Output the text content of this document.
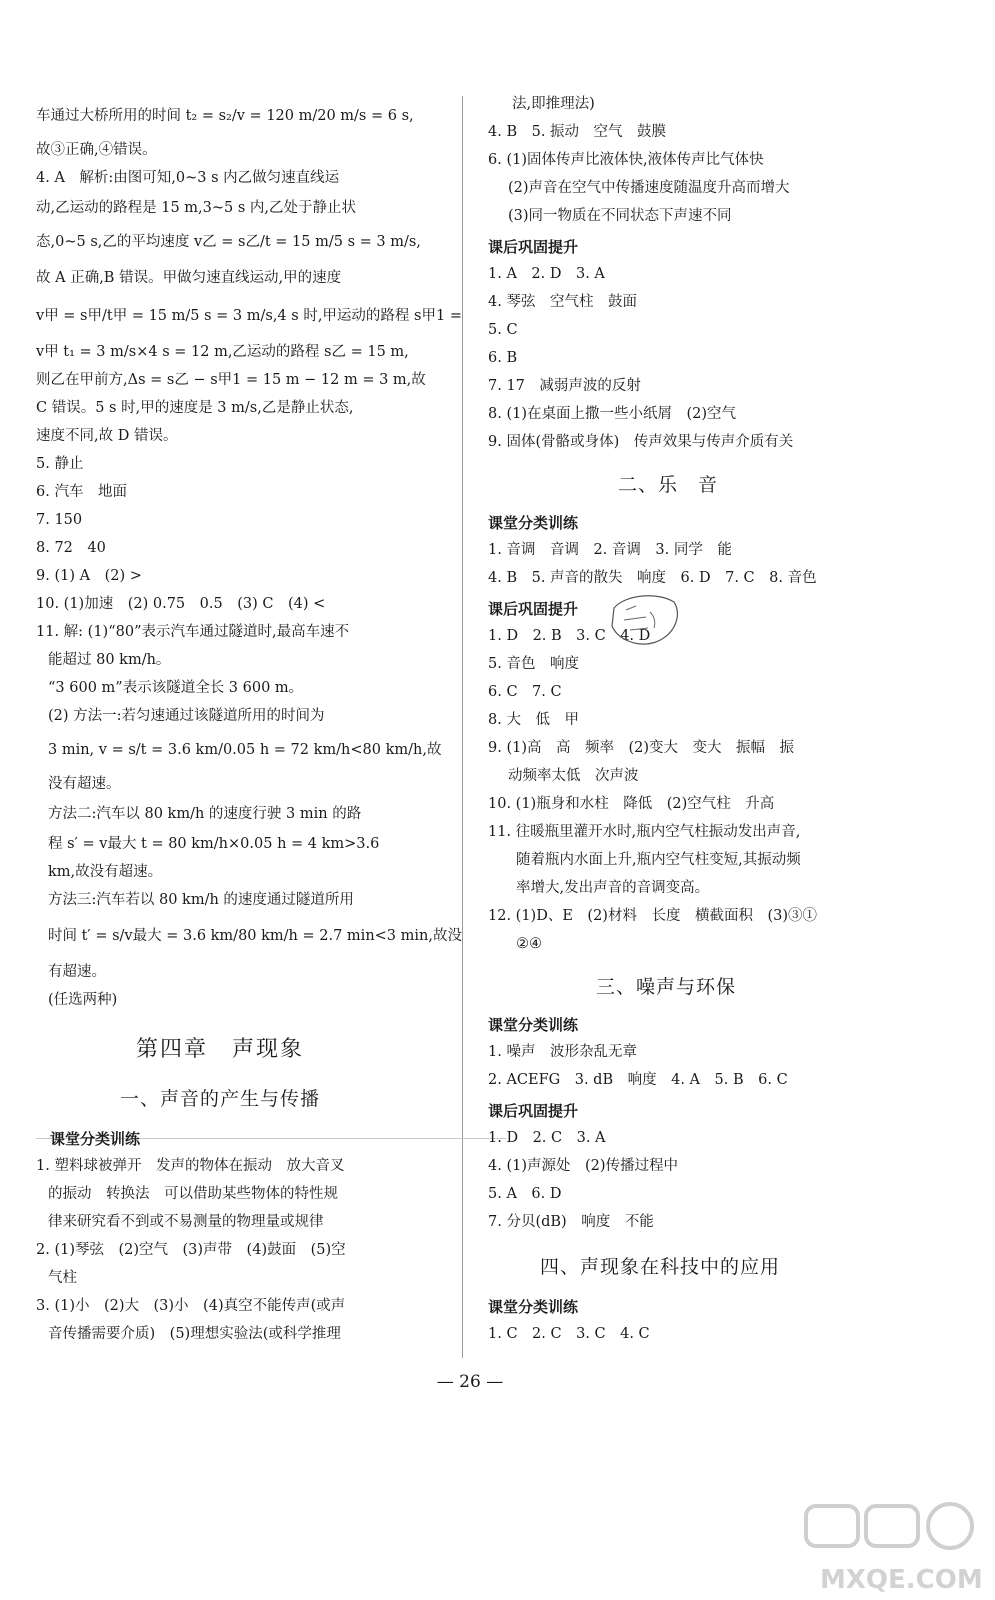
车通过大桥所用的时间 t₂ = s₂/v = 120 m/20 m/s = 6 s,
故③正确,④错误。
4. A　解析:由图可知,0~3 s 内乙做匀速直线运
动,乙运动的路程是 15 m,3~5 s 内,乙处于静止状
态,0~5 s,乙的平均速度 v乙 = s乙/t = 15 m/5 s = 3 m/s,
故 A 正确,B 错误。甲做匀速直线运动,甲的速度
v甲 = s甲/t甲 = 15 m/5 s = 3 m/s,4 s 时,甲运动的路程 s甲1 =
v甲 t₁ = 3 m/s×4 s = 12 m,乙运动的路程 s乙 = 15 m,
则乙在甲前方,Δs = s乙 − s甲1 = 15 m − 12 m = 3 m,故
C 错误。5 s 时,甲的速度是 3 m/s,乙是静止状态,
速度不同,故 D 错误。
5. 静止
6. 汽车　地面
7. 150
8. 72　40
9. (1) A　(2) >
10. (1)加速　(2) 0.75　0.5　(3) C　(4) <
11. 解: (1)“80”表示汽车通过隧道时,最高车速不
能超过 80 km/h。
“3 600 m”表示该隧道全长 3 600 m。
(2) 方法一:若匀速通过该隧道所用的时间为
3 min, v = s/t = 3.6 km/0.05 h = 72 km/h<80 km/h,故
没有超速。
方法二:汽车以 80 km/h 的速度行驶 3 min 的路
程 s′ = v最大 t = 80 km/h×0.05 h = 4 km>3.6
km,故没有超速。
方法三:汽车若以 80 km/h 的速度通过隧道所用
时间 t′ = s/v最大 = 3.6 km/80 km/h = 2.7 min<3 min,故没
有超速。
(任选两种)
第四章　声现象
一、声音的产生与传播
课堂分类训练
1. 塑料球被弹开　发声的物体在振动　放大音叉
的振动　转换法　可以借助某些物体的特性规
律来研究看不到或不易测量的物理量或规律
2. (1)琴弦　(2)空气　(3)声带　(4)鼓面　(5)空
气柱
3. (1)小　(2)大　(3)小　(4)真空不能传声(或声
音传播需要介质)　(5)理想实验法(或科学推理
法,即推理法)
4. B　5. 振动　空气　鼓膜
6. (1)固体传声比液体快,液体传声比气体快
(2)声音在空气中传播速度随温度升高而增大
(3)同一物质在不同状态下声速不同
课后巩固提升
1. A　2. D　3. A
4. 琴弦　空气柱　鼓面
5. C
6. B
7. 17　减弱声波的反射
8. (1)在桌面上撒一些小纸屑　(2)空气
9. 固体(骨骼或身体)　传声效果与传声介质有关
二、乐　音
课堂分类训练
1. 音调　音调　2. 音调　3. 同学　能
4. B　5. 声音的散失　响度　6. D　7. C　8. 音色
课后巩固提升
1. D　2. B　3. C　4. D
5. 音色　响度
6. C　7. C
8. 大　低　甲
9. (1)高　高　频率　(2)变大　变大　振幅　振
动频率太低　次声波
10. (1)瓶身和水柱　降低　(2)空气柱　升高
11. 往暖瓶里灌开水时,瓶内空气柱振动发出声音,
随着瓶内水面上升,瓶内空气柱变短,其振动频
率增大,发出声音的音调变高。
12. (1)D、E　(2)材料　长度　横截面积　(3)③①
②④
三、噪声与环保
课堂分类训练
1. 噪声　波形杂乱无章
2. ACEFG　3. dB　响度　4. A　5. B　6. C
课后巩固提升
1. D　2. C　3. A
4. (1)声源处　(2)传播过程中
5. A　6. D
7. 分贝(dB)　响度　不能
四、声现象在科技中的应用
课堂分类训练
1. C　2. C　3. C　4. C
— 26 —
MXQE.COM
